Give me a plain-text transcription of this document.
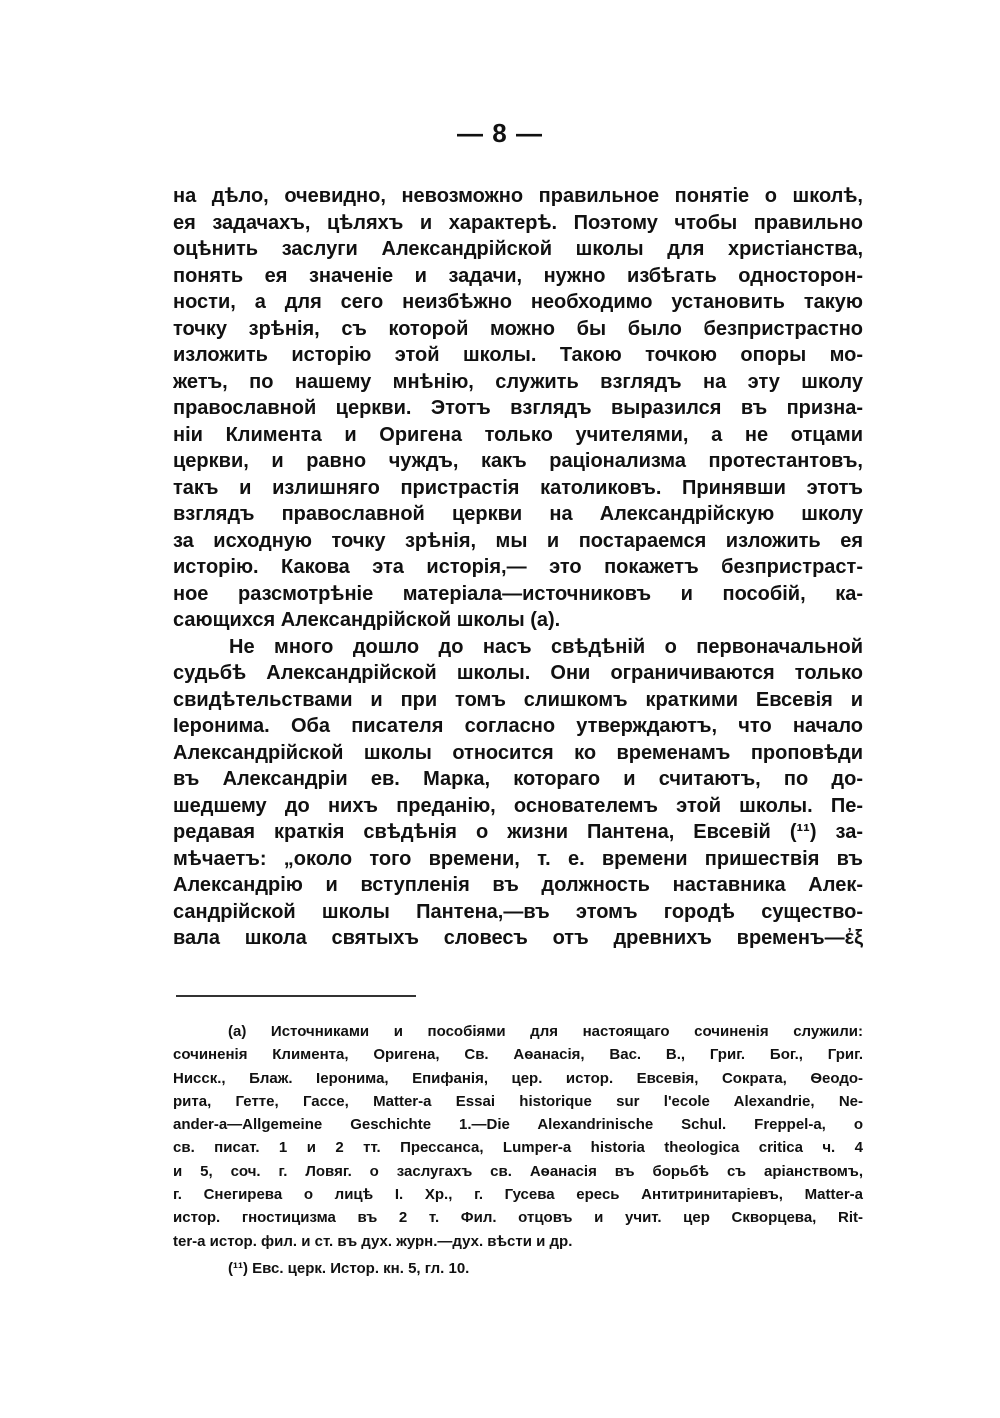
— 8 —
на дѣло, очевидно, невозможно правильное понятіе о школѣ,
ея задачахъ, цѣляхъ и характерѣ. Поэтому чтобы правильно
оцѣнить заслуги Александрійской школы для христіанства,
понять ея значеніе и задачи, нужно избѣгать односторон-
ности, а для сего неизбѣжно необходимо установить такую
точку зрѣнія, съ которой можно бы было безпристрастно
изложить исторію этой школы. Такою точкою опоры мо-
жетъ, по нашему мнѣнію, служить взглядъ на эту школу
православной церкви. Этотъ взглядъ выразился въ призна-
ніи Климента и Оригена только учителями, а не отцами
церкви, и равно чуждъ, какъ раціонализма протестантовъ,
такъ и излишняго пристрастія католиковъ. Принявши этотъ
взглядъ православной церкви на Александрійскую школу
за исходную точку зрѣнія, мы и постараемся изложить ея
исторію. Какова эта исторія,— это покажетъ безпристраст-
ное разсмотрѣніе матеріала—источниковъ и пособій, ка-
сающихся Александрійской школы (а).
Не много дошло до насъ свѣдѣній о первоначальной
судьбѣ Александрійской школы. Они ограничиваются только
свидѣтельствами и при томъ слишкомъ краткими Евсевія и
Іеронима. Оба писателя согласно утверждаютъ, что начало
Александрійской школы относится ко временамъ проповѣди
въ Александріи ев. Марка, котораго и считаютъ, по до-
шедшему до нихъ преданію, основателемъ этой школы. Пе-
редавая краткія свѣдѣнія о жизни Пантена, Евсевій (¹¹) за-
мѣчаетъ: „около того времени, т. е. времени пришествія въ
Александрію и вступленія въ должность наставника Алек-
сандрійской школы Пантена,—въ этомъ городѣ существо-
вала школа святыхъ словесъ отъ древнихъ временъ—ἐξ
(а) Источниками и пособіями для настоящаго сочиненія служили:
сочиненія Климента, Оригена, Св. Аѳанасія, Вас. В., Григ. Бог., Григ.
Нисск., Блаж. Іеронима, Епифанія, цер. истор. Евсевія, Сократа, Ѳеодо-
рита, Гетте, Гассе, Matter-a Essai historique sur l'ecole Alexandrie, Ne-
ander-a—Allgemeine Geschichte 1.—Die Alexandrinische Schul. Freppel-a, о
св. писат. 1 и 2 тт. Прессанса, Lumper-a historia theologica critica ч. 4
и 5, соч. г. Ловяг. о заслугахъ св. Аѳанасія въ борьбѣ съ аріанствомъ,
г. Снегирева о лицѣ І. Хр., г. Гусева ересь Антитринитаріевъ, Matter-a
истор. гностицизма въ 2 т. Фил. отцовъ и учит. цер Скворцева, Rit-
ter-a истор. фил. и ст. въ дух. журн.—дух. вѣсти и др.
(¹¹) Евс. церк. Истор. кн. 5, гл. 10.
